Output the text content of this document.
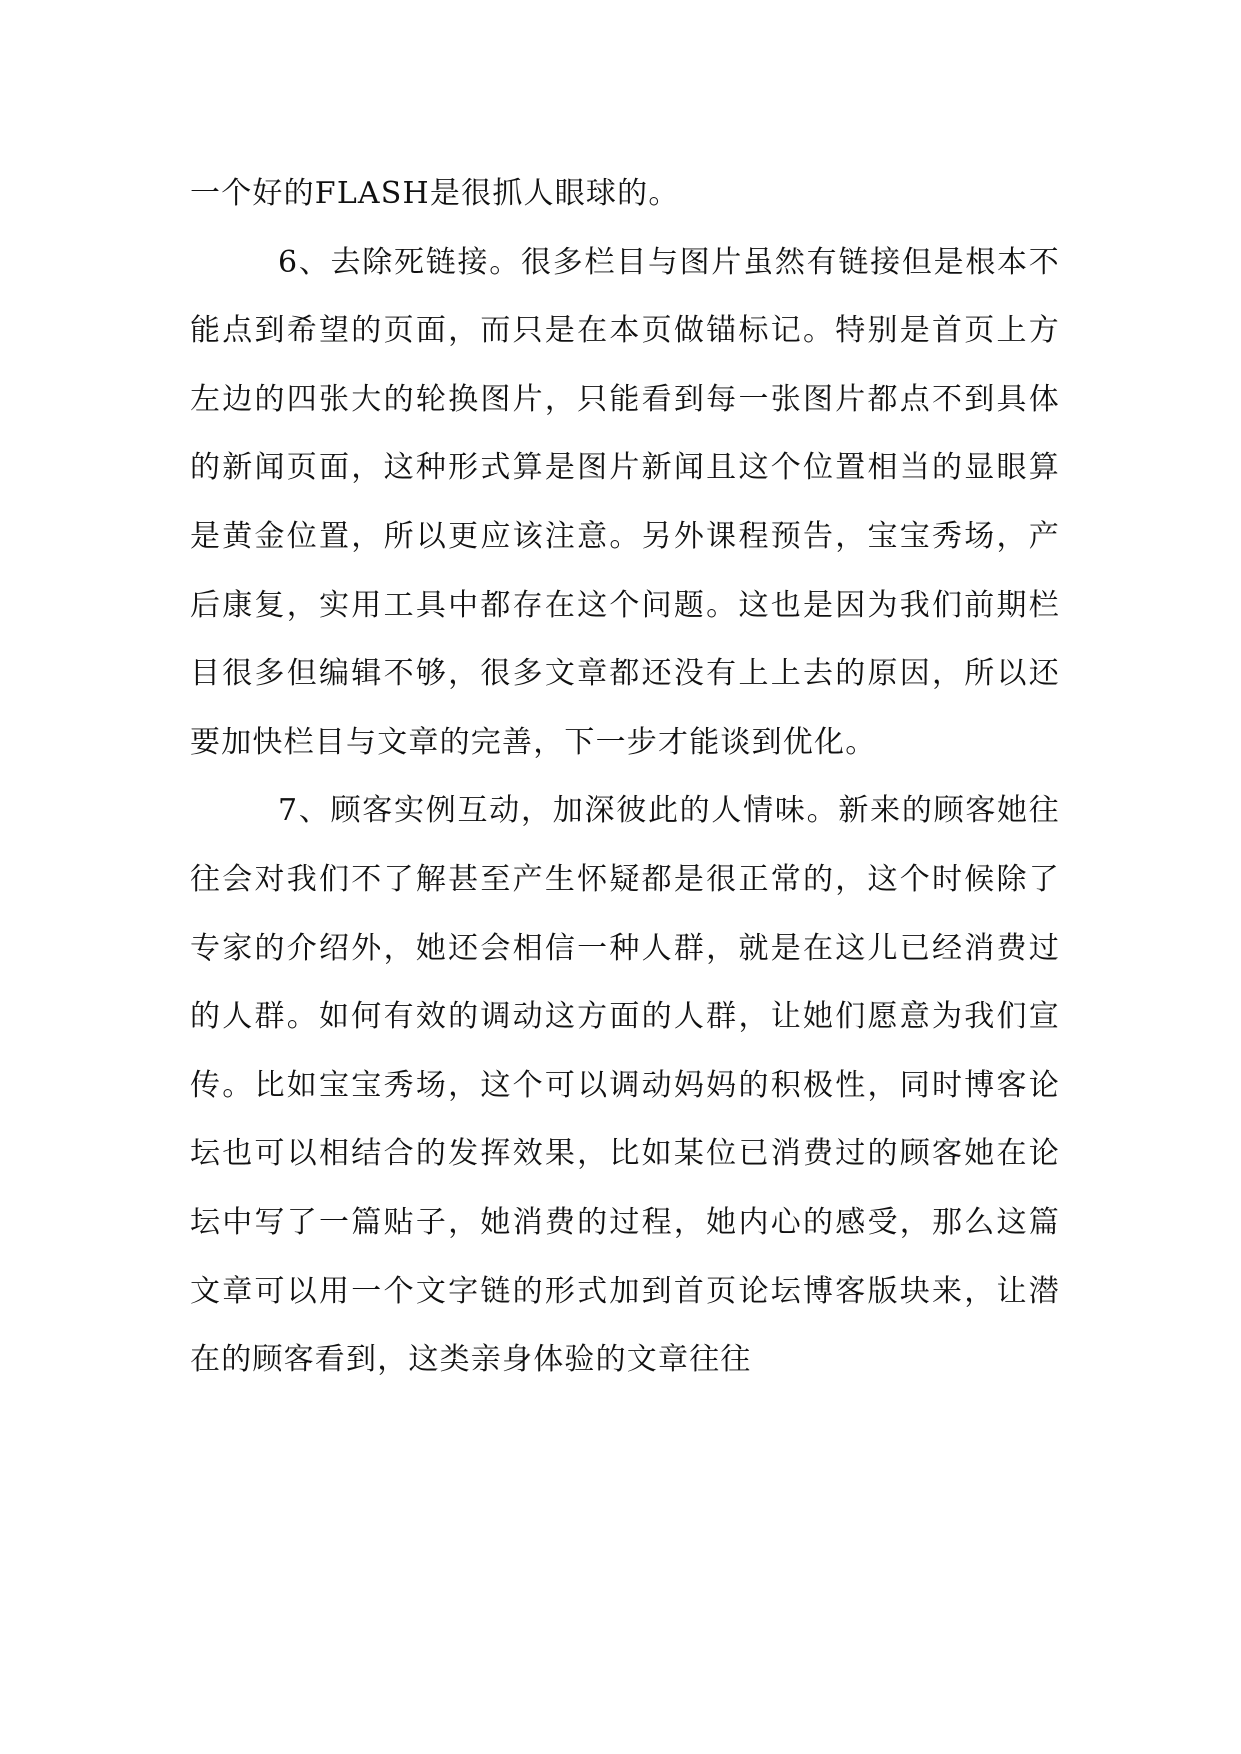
一个好的FLASH是很抓人眼球的。

6、去除死链接。很多栏目与图片虽然有链接但是根本不能点到希望的页面，而只是在本页做锚标记。特别是首页上方左边的四张大的轮换图片，只能看到每一张图片都点不到具体的新闻页面，这种形式算是图片新闻且这个位置相当的显眼算是黄金位置，所以更应该注意。另外课程预告，宝宝秀场，产后康复，实用工具中都存在这个问题。这也是因为我们前期栏目很多但编辑不够，很多文章都还没有上上去的原因，所以还要加快栏目与文章的完善，下一步才能谈到优化。

7、顾客实例互动，加深彼此的人情味。新来的顾客她往往会对我们不了解甚至产生怀疑都是很正常的，这个时候除了专家的介绍外，她还会相信一种人群，就是在这儿已经消费过的人群。如何有效的调动这方面的人群，让她们愿意为我们宣传。比如宝宝秀场，这个可以调动妈妈的积极性，同时博客论坛也可以相结合的发挥效果，比如某位已消费过的顾客她在论坛中写了一篇贴子，她消费的过程，她内心的感受，那么这篇文章可以用一个文字链的形式加到首页论坛博客版块来，让潜在的顾客看到，这类亲身体验的文章往往
